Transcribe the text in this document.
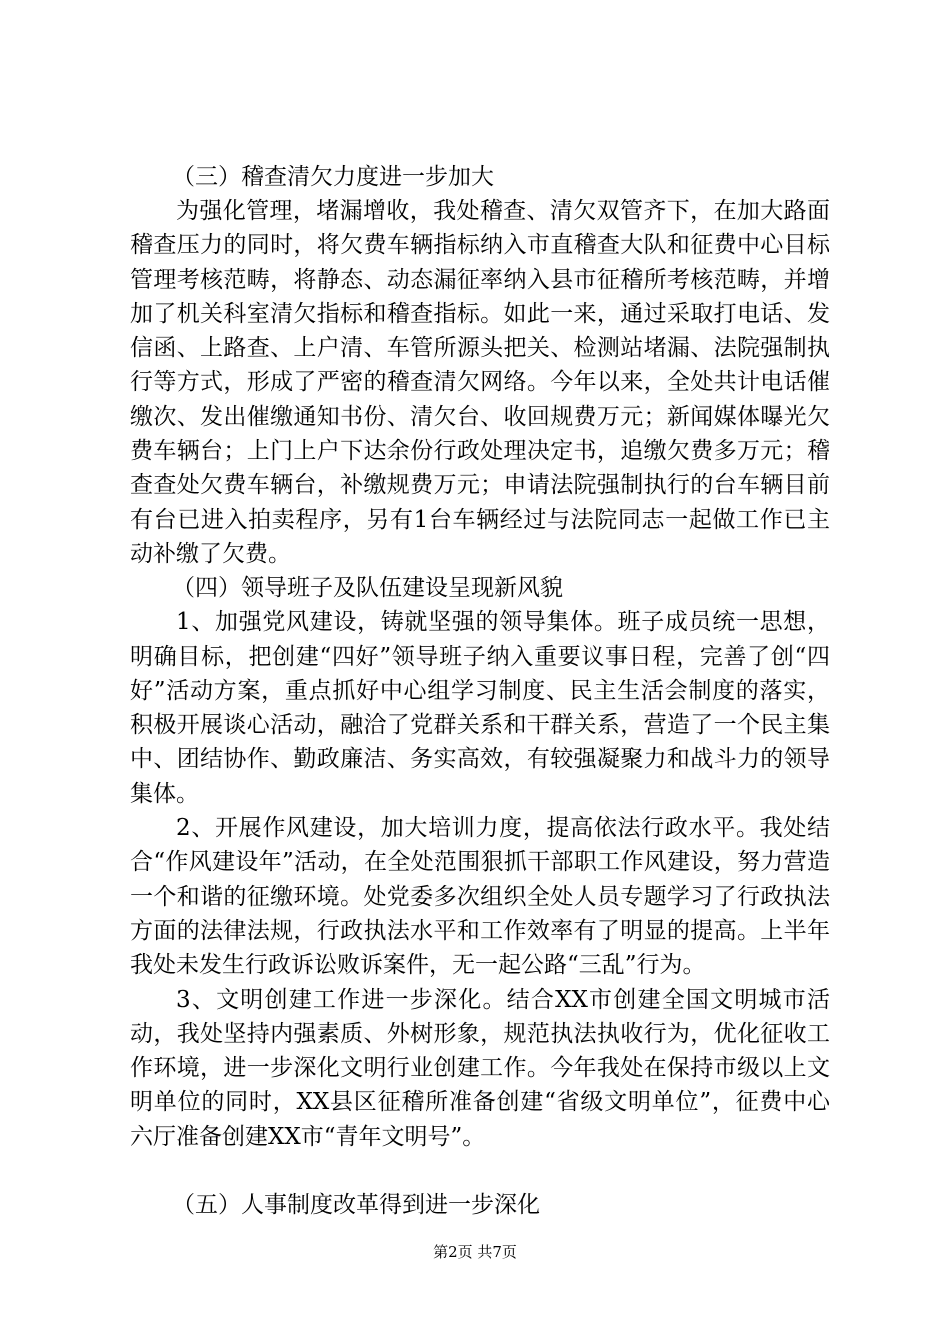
（三）稽查清欠力度进一步加大

为强化管理，堵漏增收，我处稽查、清欠双管齐下，在加大路面稽查压力的同时，将欠费车辆指标纳入市直稽查大队和征费中心目标管理考核范畴，将静态、动态漏征率纳入县市征稽所考核范畴，并增加了机关科室清欠指标和稽查指标。如此一来，通过采取打电话、发信函、上路查、上户清、车管所源头把关、检测站堵漏、法院强制执行等方式，形成了严密的稽查清欠网络。今年以来，全处共计电话催缴次、发出催缴通知书份、清欠台、收回规费万元；新闻媒体曝光欠费车辆台；上门上户下达余份行政处理决定书，追缴欠费多万元；稽查查处欠费车辆台，补缴规费万元；申请法院强制执行的台车辆目前有台已进入拍卖程序，另有1台车辆经过与法院同志一起做工作已主动补缴了欠费。

（四）领导班子及队伍建设呈现新风貌

1、加强党风建设，铸就坚强的领导集体。班子成员统一思想，明确目标，把创建“四好”领导班子纳入重要议事日程，完善了创“四好”活动方案，重点抓好中心组学习制度、民主生活会制度的落实，积极开展谈心活动，融洽了党群关系和干群关系，营造了一个民主集中、团结协作、勤政廉洁、务实高效，有较强凝聚力和战斗力的领导集体。

2、开展作风建设，加大培训力度，提高依法行政水平。我处结合“作风建设年”活动，在全处范围狠抓干部职工作风建设，努力营造一个和谐的征缴环境。处党委多次组织全处人员专题学习了行政执法方面的法律法规，行政执法水平和工作效率有了明显的提高。上半年我处未发生行政诉讼败诉案件，无一起公路“三乱”行为。

3、文明创建工作进一步深化。结合XX市创建全国文明城市活动，我处坚持内强素质、外树形象，规范执法执收行为，优化征收工作环境，进一步深化文明行业创建工作。今年我处在保持市级以上文明单位的同时，XX县区征稽所准备创建“省级文明单位”，征费中心六厅准备创建XX市“青年文明号”。

（五）人事制度改革得到进一步深化

第2页 共7页
